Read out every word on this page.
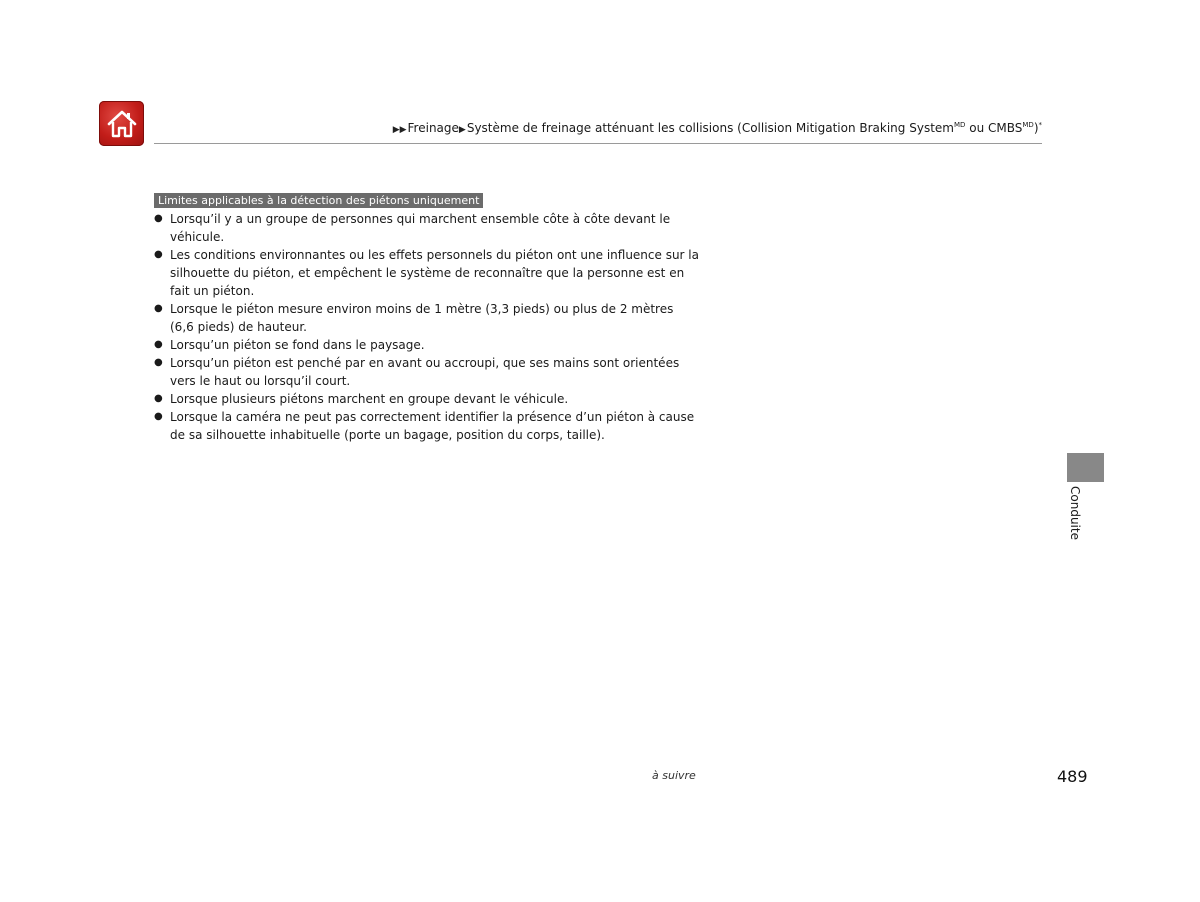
▶▶Freinage▶Système de freinage atténuant les collisions (Collision Mitigation Braking System$^{MD}$ ou $CMBS^{MD})^*$
Limites applicables à la détection des piétons uniquement
● Lorsqu’il y a un groupe de personnes qui marchent ensemble côte à côte devant le véhicule.
● Les conditions environnantes ou les effets personnels du piéton ont une influence sur la silhouette du piéton, et empêchent le système de reconnaître que la personne est en fait un piéton.
● Lorsque le piéton mesure environ moins de 1 mètre (3,3 pieds) ou plus de 2 mètres (6,6 pieds) de hauteur.
● Lorsqu’un piéton se fond dans le paysage.
● Lorsqu’un piéton est penché par en avant ou accroupi, que ses mains sont orientées vers le haut ou lorsqu’il court.
● Lorsque plusieurs piétons marchent en groupe devant le véhicule.
● Lorsque la caméra ne peut pas correctement identifier la présence d’un piéton à cause de sa silhouette inhabituelle (porte un bagage, position du corps, taille).
Conduite
à suivre	489
